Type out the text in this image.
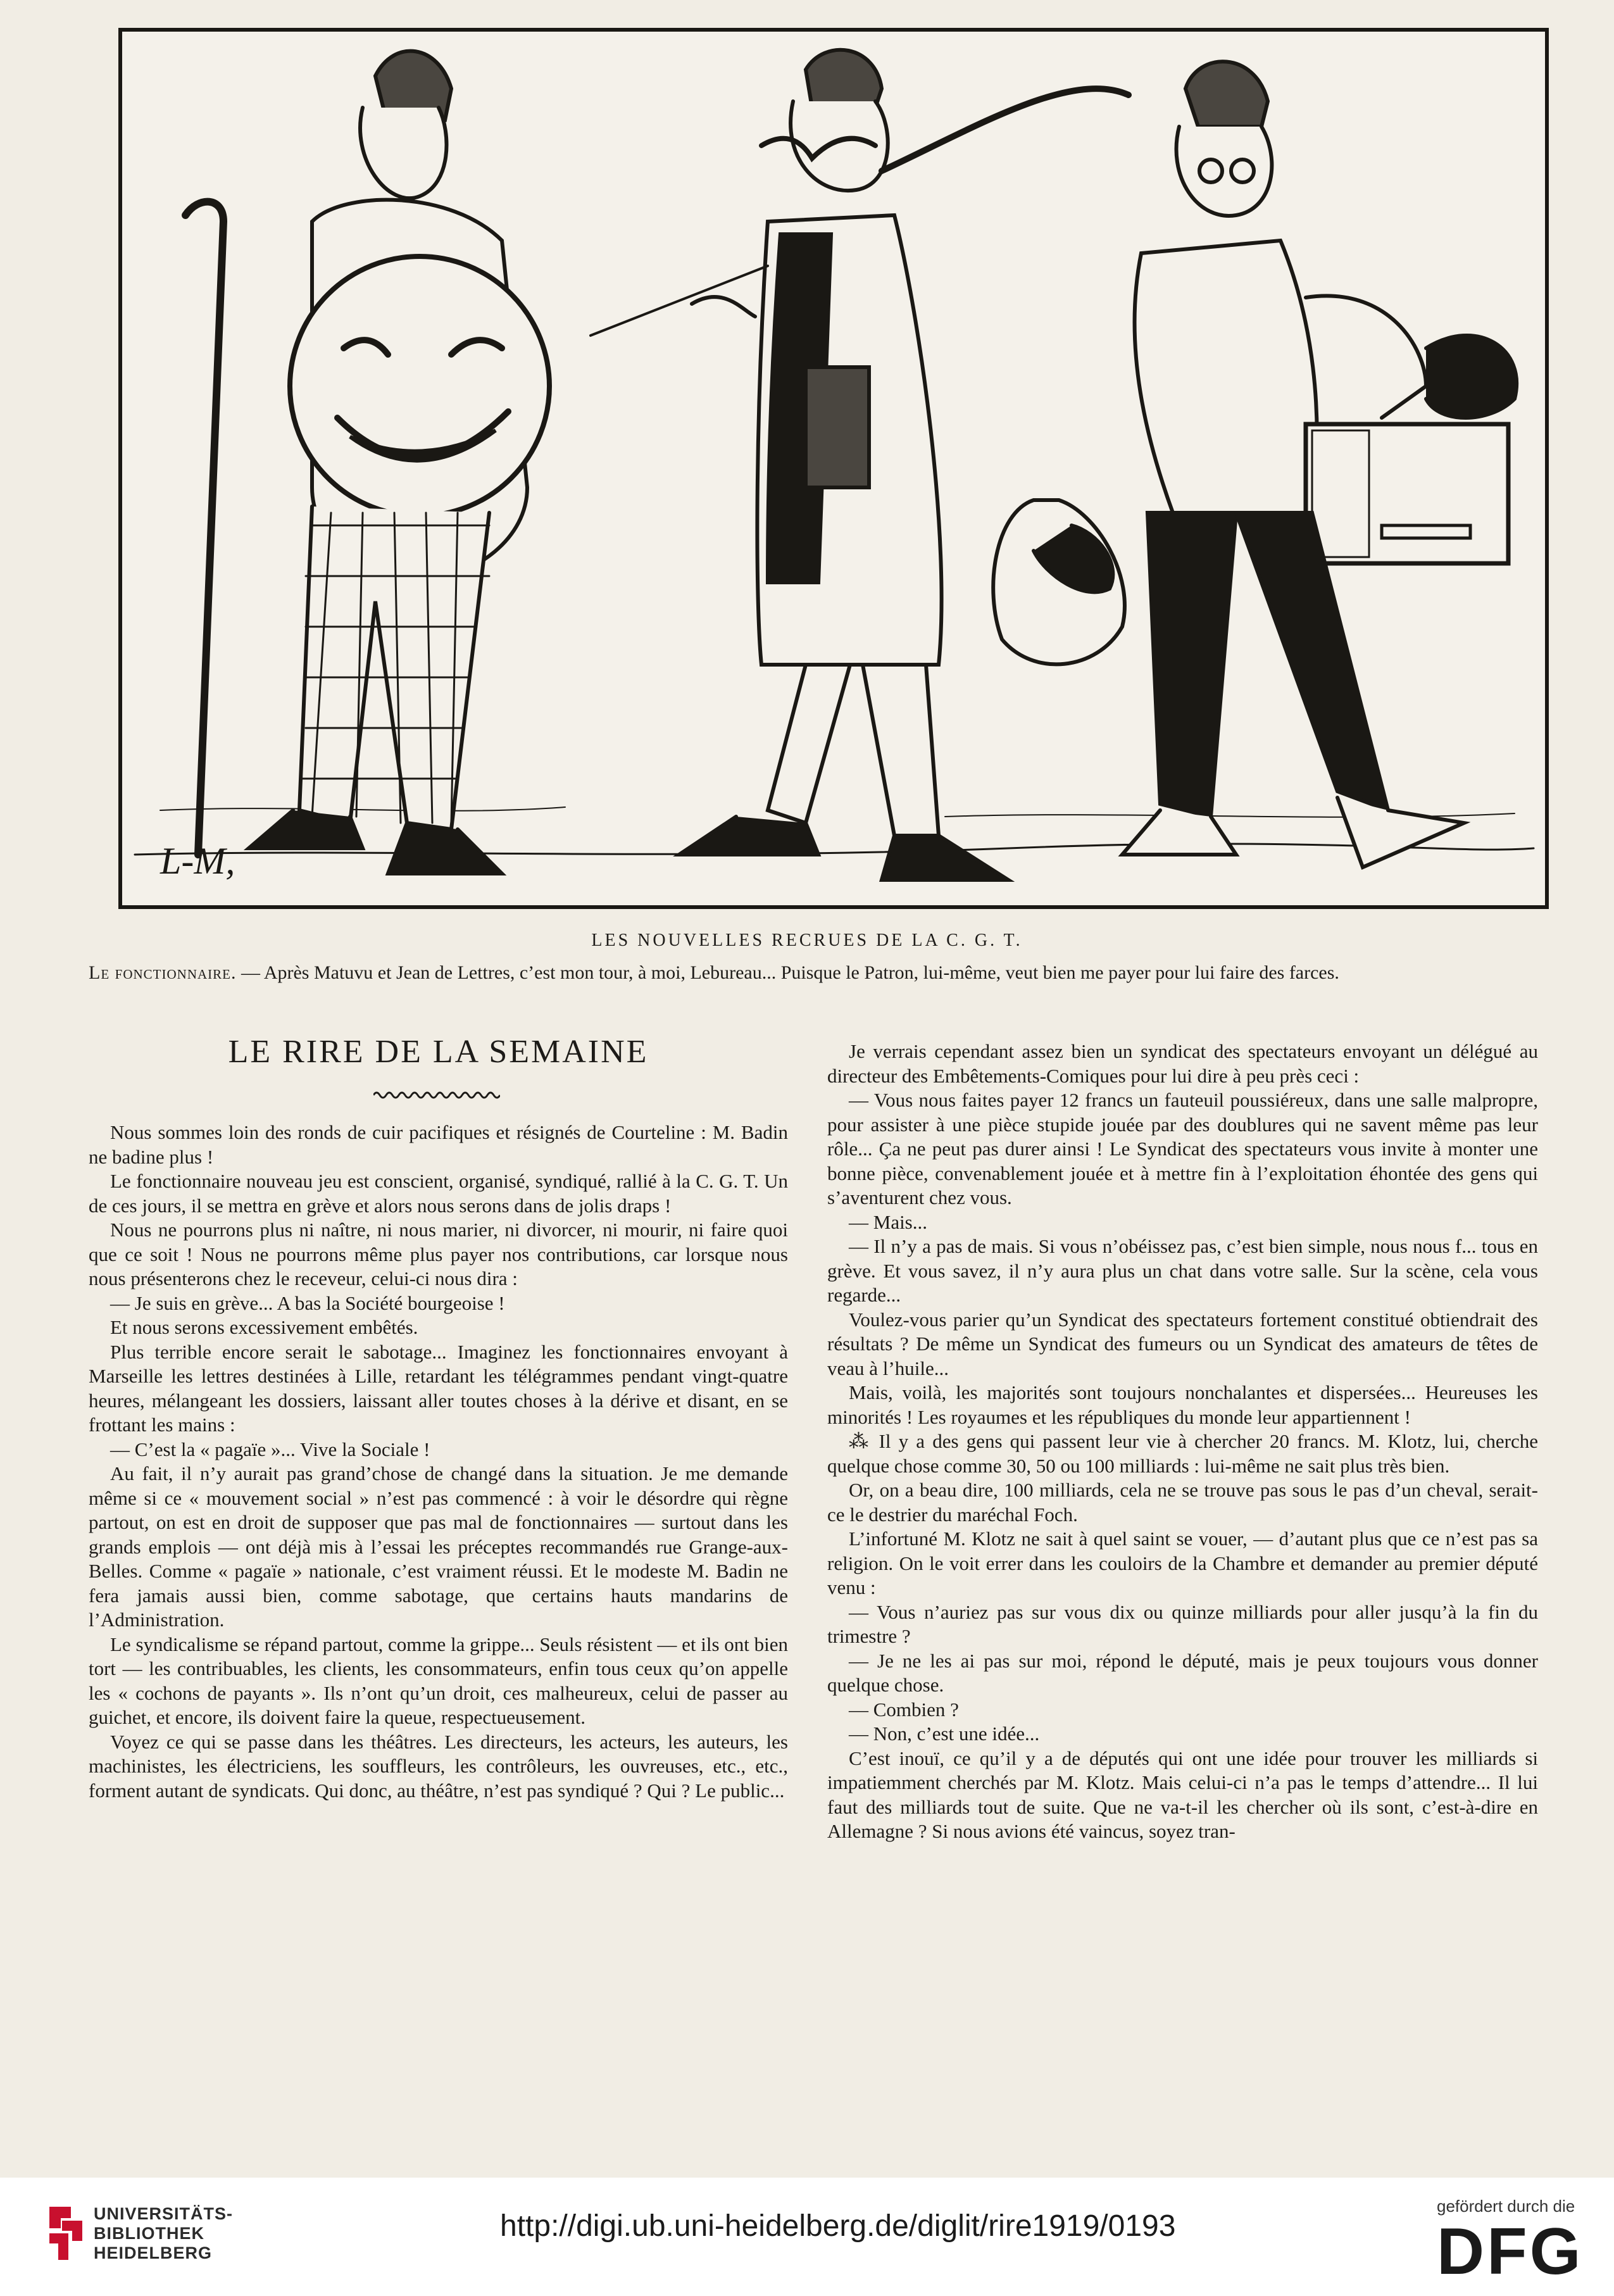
L-M,
LES NOUVELLES RECRUES DE LA C. G. T.
Le fonctionnaire. — Après Matuvu et Jean de Lettres, c’est mon tour, à moi, Lebureau... Puisque le Patron, lui-même, veut bien me payer pour lui faire des farces.
LE RIRE DE LA SEMAINE

Nous sommes loin des ronds de cuir pacifiques et résignés de Courteline : M. Badin ne badine plus !

Le fonctionnaire nouveau jeu est conscient, organisé, syndiqué, rallié à la C. G. T. Un de ces jours, il se mettra en grève et alors nous serons dans de jolis draps !

Nous ne pourrons plus ni naître, ni nous marier, ni divorcer, ni mourir, ni faire quoi que ce soit ! Nous ne pourrons même plus payer nos contributions, car lorsque nous nous présenterons chez le receveur, celui-ci nous dira :

— Je suis en grève... A bas la Société bourgeoise !

Et nous serons excessivement embêtés.

Plus terrible encore serait le sabotage... Imaginez les fonctionnaires envoyant à Marseille les lettres destinées à Lille, retardant les télégrammes pendant vingt-quatre heures, mélangeant les dossiers, laissant aller toutes choses à la dérive et disant, en se frottant les mains :

— C’est la « pagaïe »... Vive la Sociale !

Au fait, il n’y aurait pas grand’chose de changé dans la situation. Je me demande même si ce « mouvement social » n’est pas commencé : à voir le désordre qui règne partout, on est en droit de supposer que pas mal de fonctionnaires — surtout dans les grands emplois — ont déjà mis à l’essai les préceptes recommandés rue Grange-aux-Belles. Comme « pagaïe » nationale, c’est vraiment réussi. Et le modeste M. Badin ne fera jamais aussi bien, comme sabotage, que certains hauts mandarins de l’Administration.

Le syndicalisme se répand partout, comme la grippe... Seuls résistent — et ils ont bien tort — les contribuables, les clients, les consommateurs, enfin tous ceux qu’on appelle les « cochons de payants ». Ils n’ont qu’un droit, ces malheureux, celui de passer au guichet, et encore, ils doivent faire la queue, respectueusement.

Voyez ce qui se passe dans les théâtres. Les directeurs, les acteurs, les auteurs, les machinistes, les électriciens, les souffleurs, les contrôleurs, les ouvreuses, etc., etc., forment autant de syndicats. Qui donc, au théâtre, n’est pas syndiqué ? Qui ? Le public...

Je verrais cependant assez bien un syndicat des spectateurs envoyant un délégué au directeur des Embêtements-Comiques pour lui dire à peu près ceci :

— Vous nous faites payer 12 francs un fauteuil poussiéreux, dans une salle malpropre, pour assister à une pièce stupide jouée par des doublures qui ne savent même pas leur rôle... Ça ne peut pas durer ainsi ! Le Syndicat des spectateurs vous invite à monter une bonne pièce, convenablement jouée et à mettre fin à l’exploitation éhontée des gens qui s’aventurent chez vous.

— Mais...

— Il n’y a pas de mais. Si vous n’obéissez pas, c’est bien simple, nous nous f... tous en grève. Et vous savez, il n’y aura plus un chat dans votre salle. Sur la scène, cela vous regarde...

Voulez-vous parier qu’un Syndicat des spectateurs fortement constitué obtiendrait des résultats ? De même un Syndicat des fumeurs ou un Syndicat des amateurs de têtes de veau à l’huile...

Mais, voilà, les majorités sont toujours nonchalantes et dispersées... Heureuses les minorités ! Les royaumes et les républiques du monde leur appartiennent !

⁂ Il y a des gens qui passent leur vie à chercher 20 francs. M. Klotz, lui, cherche quelque chose comme 30, 50 ou 100 milliards : lui-même ne sait plus très bien.

Or, on a beau dire, 100 milliards, cela ne se trouve pas sous le pas d’un cheval, serait-ce le destrier du maréchal Foch.

L’infortuné M. Klotz ne sait à quel saint se vouer, — d’autant plus que ce n’est pas sa religion. On le voit errer dans les couloirs de la Chambre et demander au premier député venu :

— Vous n’auriez pas sur vous dix ou quinze milliards pour aller jusqu’à la fin du trimestre ?

— Je ne les ai pas sur moi, répond le député, mais je peux toujours vous donner quelque chose.

— Combien ?

— Non, c’est une idée...

C’est inouï, ce qu’il y a de députés qui ont une idée pour trouver les milliards si impatiemment cherchés par M. Klotz. Mais celui-ci n’a pas le temps d’attendre... Il lui faut des milliards tout de suite. Que ne va-t-il les chercher où ils sont, c’est-à-dire en Allemagne ? Si nous avions été vaincus, soyez tran-

UNIVERSITÄTS-
BIBLIOTHEK
HEIDELBERG
http://digi.ub.uni-heidelberg.de/diglit/rire1919/0193
gefördert durch die
DFG
